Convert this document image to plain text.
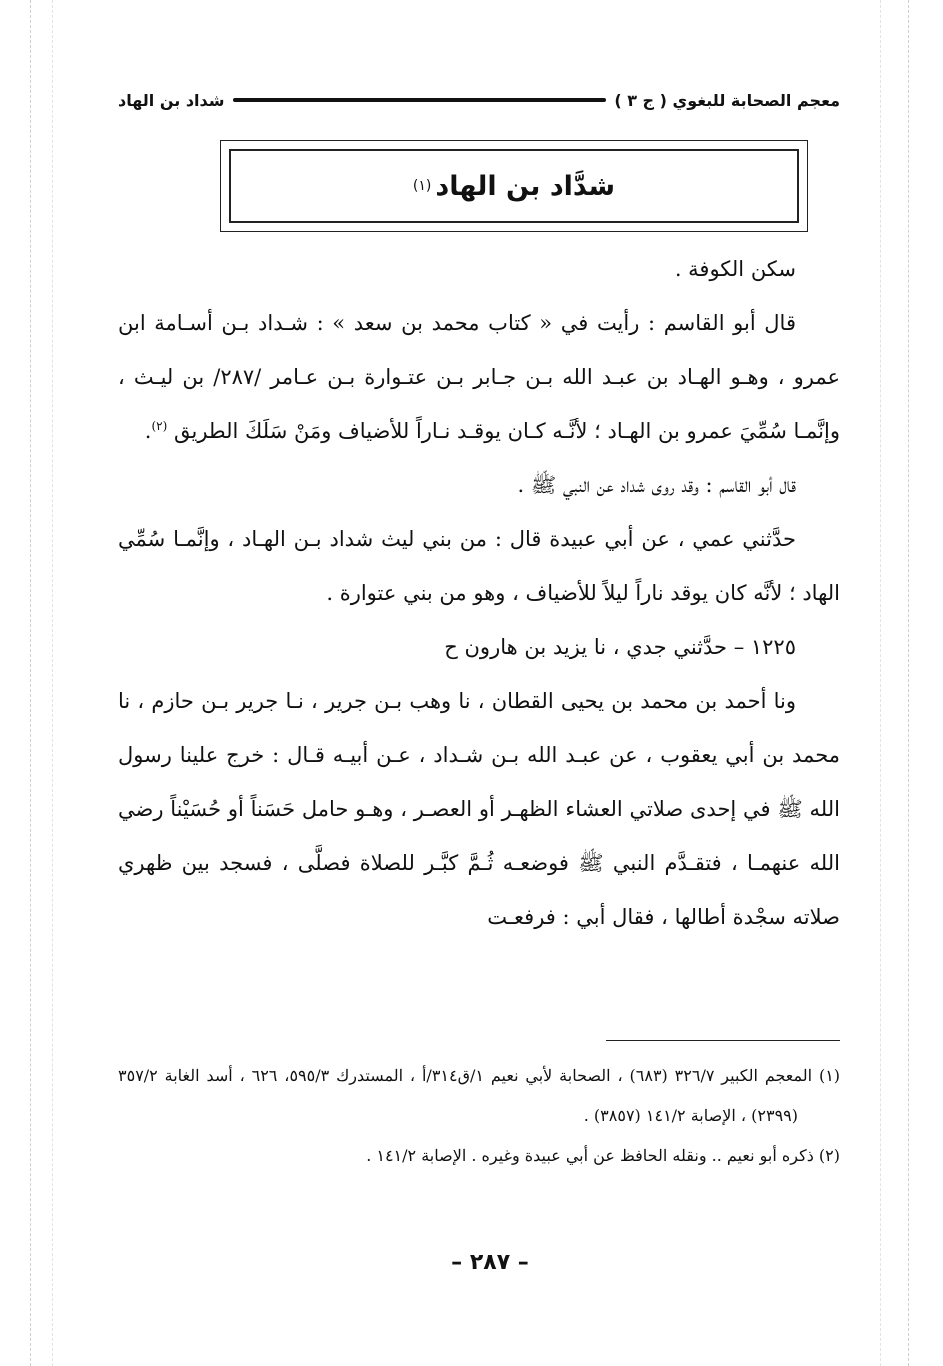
معجم الصحابة للبغوي ( ج ٣ )
شداد بن الهاد
شدَّاد بن الهاد
(١)

سكن الكوفة .

قال أبو القاسم : رأيت في « كتاب محمد بن سعد » : شـداد بـن أسـامة ابن عمرو ، وهـو الهـاد بن عبـد الله بـن جـابر بـن عتـوارة بـن عـامر /٢٨٧/ بن ليـث ، وإنَّمـا سُمِّيَ عمرو بن الهـاد ؛ لأنَّـه كـان يوقـد نـاراً للأضياف ومَنْ سَلَكَ الطريق $^{(٢)}$.

قال أبو القاسم : وقد روى شداد عن النبي ﷺ .

حدَّثني عمي ، عن أبي عبيدة قال : من بني ليث شداد بـن الهـاد ، وإنَّمـا سُمِّي الهاد ؛ لأنَّه كان يوقد ناراً ليلاً للأضياف ، وهو من بني عتوارة .

١٢٢٥ – حدَّثني جدي ، نا يزيد بن هارون ح

ونا أحمد بن محمد بن يحيى القطان ، نا وهب بـن جرير ، نـا جرير بـن حازم ، نا محمد بن أبي يعقوب ، عن عبـد الله بـن شـداد ، عـن أبيـه قـال : خرج علينا رسول الله ﷺ في إحدى صلاتي العشاء الظهـر أو العصـر ، وهـو حامل حَسَناً أو حُسَيْناً رضي الله عنهمـا ، فتقـدَّم النبي ﷺ فوضعـه ثُـمَّ كبَّـر للصلاة فصلَّى ، فسجد بين ظهري صلاته سجْدة أطالها ، فقال أبي : فرفعـت

(١) المعجم الكبير ٣٢٦/٧ (٦٨٣) ، الصحابة لأبي نعيم ١/ق٣١٤/أ ، المستدرك ٥٩٥/٣، ٦٢٦ ، أسد الغابة ٣٥٧/٢ (٢٣٩٩) ، الإصابة ١٤١/٢ (٣٨٥٧) .

(٢) ذكره أبو نعيم .. ونقله الحافظ عن أبي عبيدة وغيره . الإصابة ١٤١/٢ .

– ٢٨٧ –
